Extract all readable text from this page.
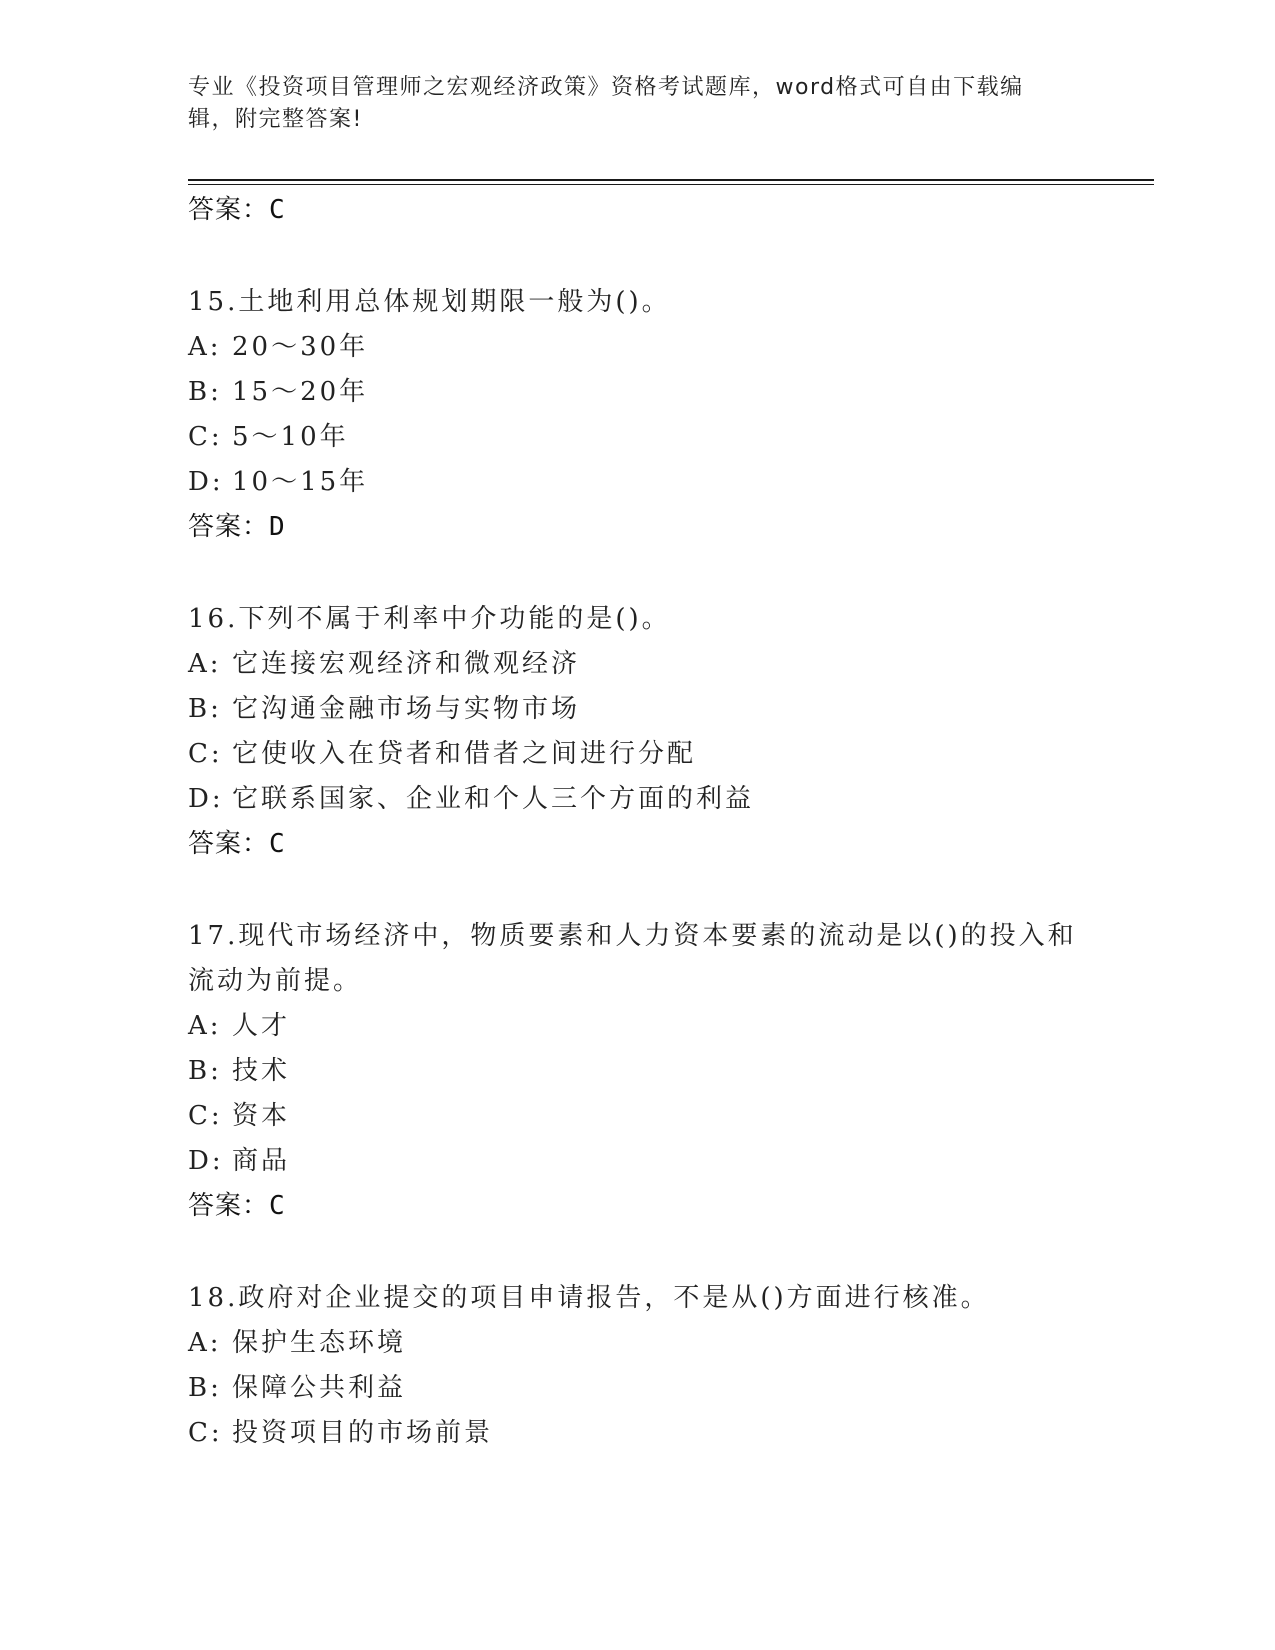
专业《投资项目管理师之宏观经济政策》资格考试题库，word格式可自由下载编
辑，附完整答案!
答案：C
15.土地利用总体规划期限一般为()。
A: 20～30年
B: 15～20年
C: 5～10年
D: 10～15年
答案：D
16.下列不属于利率中介功能的是()。
A: 它连接宏观经济和微观经济
B: 它沟通金融市场与实物市场
C: 它使收入在贷者和借者之间进行分配
D: 它联系国家、企业和个人三个方面的利益
答案：C
17.现代市场经济中，物质要素和人力资本要素的流动是以()的投入和流动为前提。
A: 人才
B: 技术
C: 资本
D: 商品
答案：C
18.政府对企业提交的项目申请报告，不是从()方面进行核准。
A: 保护生态环境
B: 保障公共利益
C: 投资项目的市场前景
